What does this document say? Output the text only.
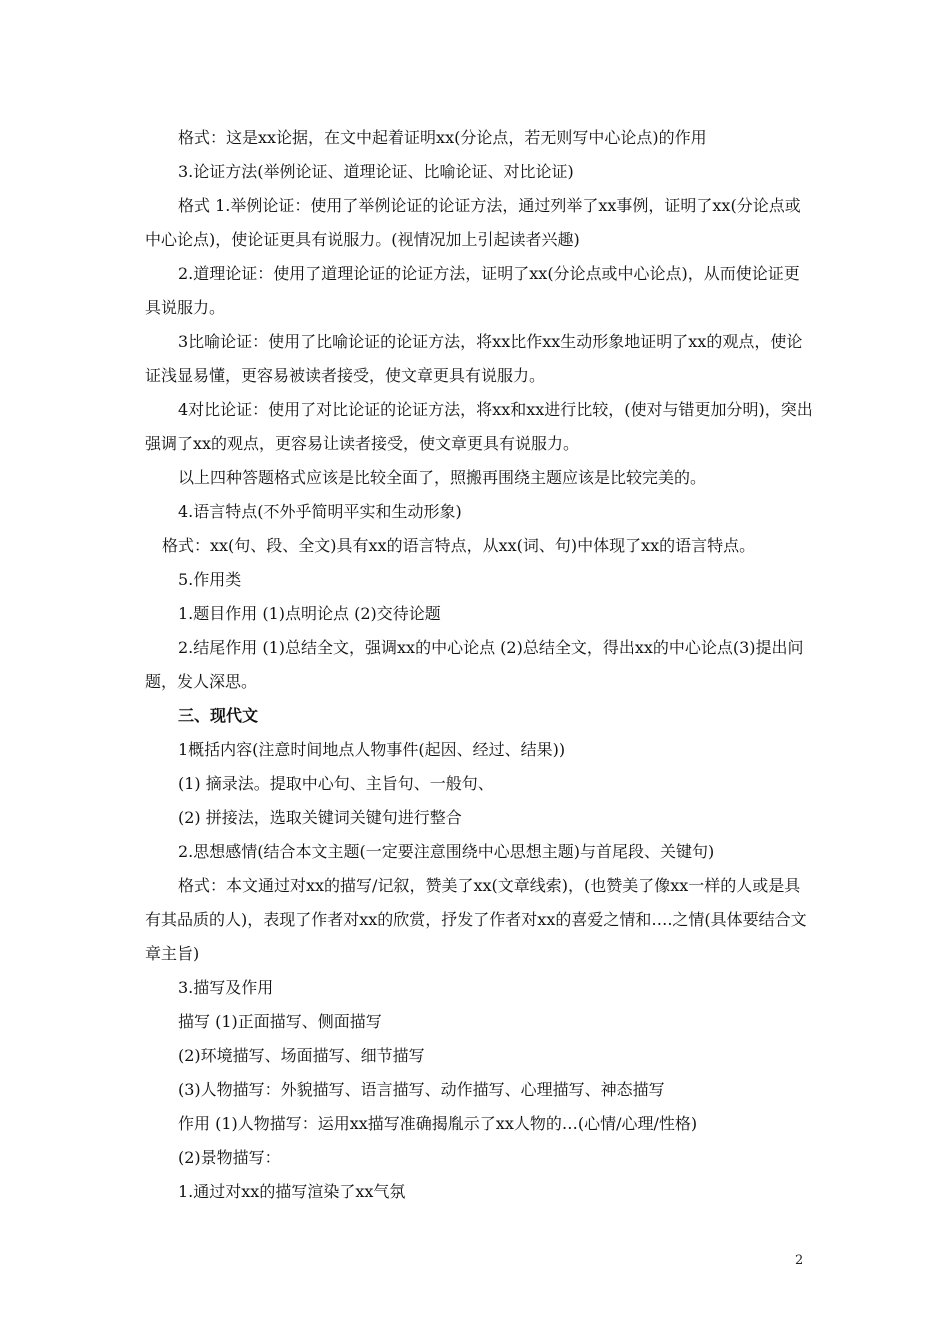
格式：这是xx论据，在文中起着证明xx(分论点，若无则写中心论点)的作用

3.论证方法(举例论证、道理论证、比喻论证、对比论证)

格式 1.举例论证：使用了举例论证的论证方法，通过列举了xx事例，证明了xx(分论点或中心论点)，使论证更具有说服力。(视情况加上引起读者兴趣)

2.道理论证：使用了道理论证的论证方法，证明了xx(分论点或中心论点)，从而使论证更具说服力。

3比喻论证：使用了比喻论证的论证方法，将xx比作xx生动形象地证明了xx的观点，使论证浅显易懂，更容易被读者接受，使文章更具有说服力。

4对比论证：使用了对比论证的论证方法，将xx和xx进行比较，(使对与错更加分明)，突出强调了xx的观点，更容易让读者接受，使文章更具有说服力。

以上四种答题格式应该是比较全面了，照搬再围绕主题应该是比较完美的。

4.语言特点(不外乎简明平实和生动形象)

格式：xx(句、段、全文)具有xx的语言特点，从xx(词、句)中体现了xx的语言特点。

5.作用类

1.题目作用 (1)点明论点 (2)交待论题

2.结尾作用 (1)总结全文，强调xx的中心论点 (2)总结全文，得出xx的中心论点(3)提出问题，发人深思。

三、现代文

1概括内容(注意时间地点人物事件(起因、经过、结果))

(1) 摘录法。提取中心句、主旨句、一般句、

(2) 拼接法，选取关键词关键句进行整合

2.思想感情(结合本文主题(一定要注意围绕中心思想主题)与首尾段、关键句)

格式：本文通过对xx的描写/记叙，赞美了xx(文章线索)，(也赞美了像xx一样的人或是具有其品质的人)，表现了作者对xx的欣赏，抒发了作者对xx的喜爱之情和….之情(具体要结合文章主旨)

3.描写及作用

描写 (1)正面描写、侧面描写

(2)环境描写、场面描写、细节描写

(3)人物描写：外貌描写、语言描写、动作描写、心理描写、神态描写

作用 (1)人物描写：运用xx描写准确揭胤示了xx人物的…(心情/心理/性格)

(2)景物描写：

1.通过对xx的描写渲染了xx气氛

2
